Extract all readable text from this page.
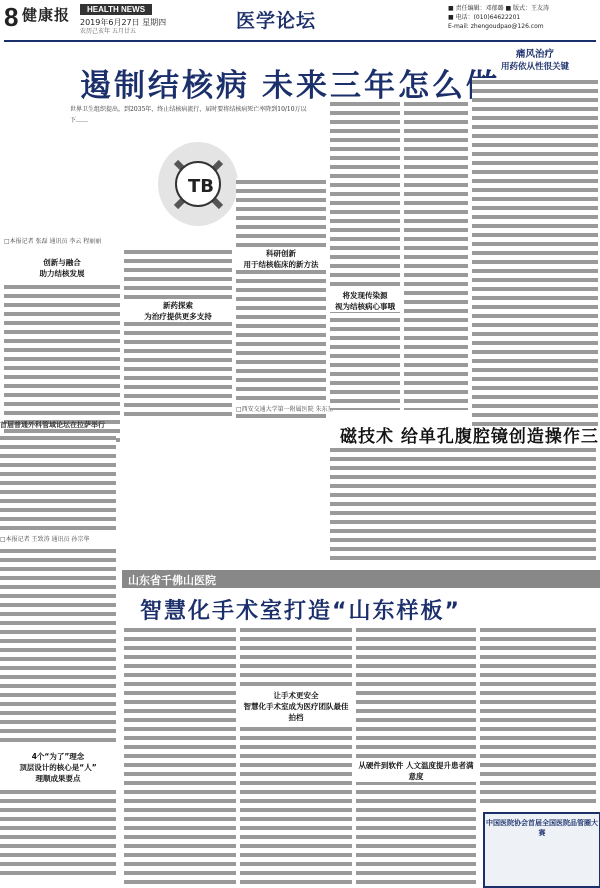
8 健康报	HEALTH NEWS
2019年6月27日 星期四
农历己亥年 五月廿五	医学论坛
■ 责任编辑：邓郁璐 ■ 版式：王友涛
■ 电话：(010)64622201
E-mail: zhengoudpao@126.com
遏制结核病 未来三年怎么做
世界卫生组织提出，到2035年，终止结核病流行，届时要将结核病死亡率降到10/10万以下……
TB
□本报记者 张磊 通讯员 李云 程丽丽
创新与融合
助力结核发展
新药探索
为治疗提供更多支持
科研创新
用于结核临床的新方法
□西安交通大学第一附属医院 朱东星
将发现传染源
视为结核病心事哦
痛风治疗
用药依从性很关键
首届普通外科管域论坛在拉萨举行
□本报记者 王致涛 通讯员 孙宗华
4个“为了”理念
顶层设计的核心是“人”
理顺成果要点
磁技术 给单孔腹腔镜创造操作三角
山东省千佛山医院
智慧化手术室打造“山东样板”
让手术更安全
智慧化手术室成为医疗团队最佳拍档
从硬件到软件 人文温度提升患者满意度
中国医院协会首届全国医院品管圈大赛
